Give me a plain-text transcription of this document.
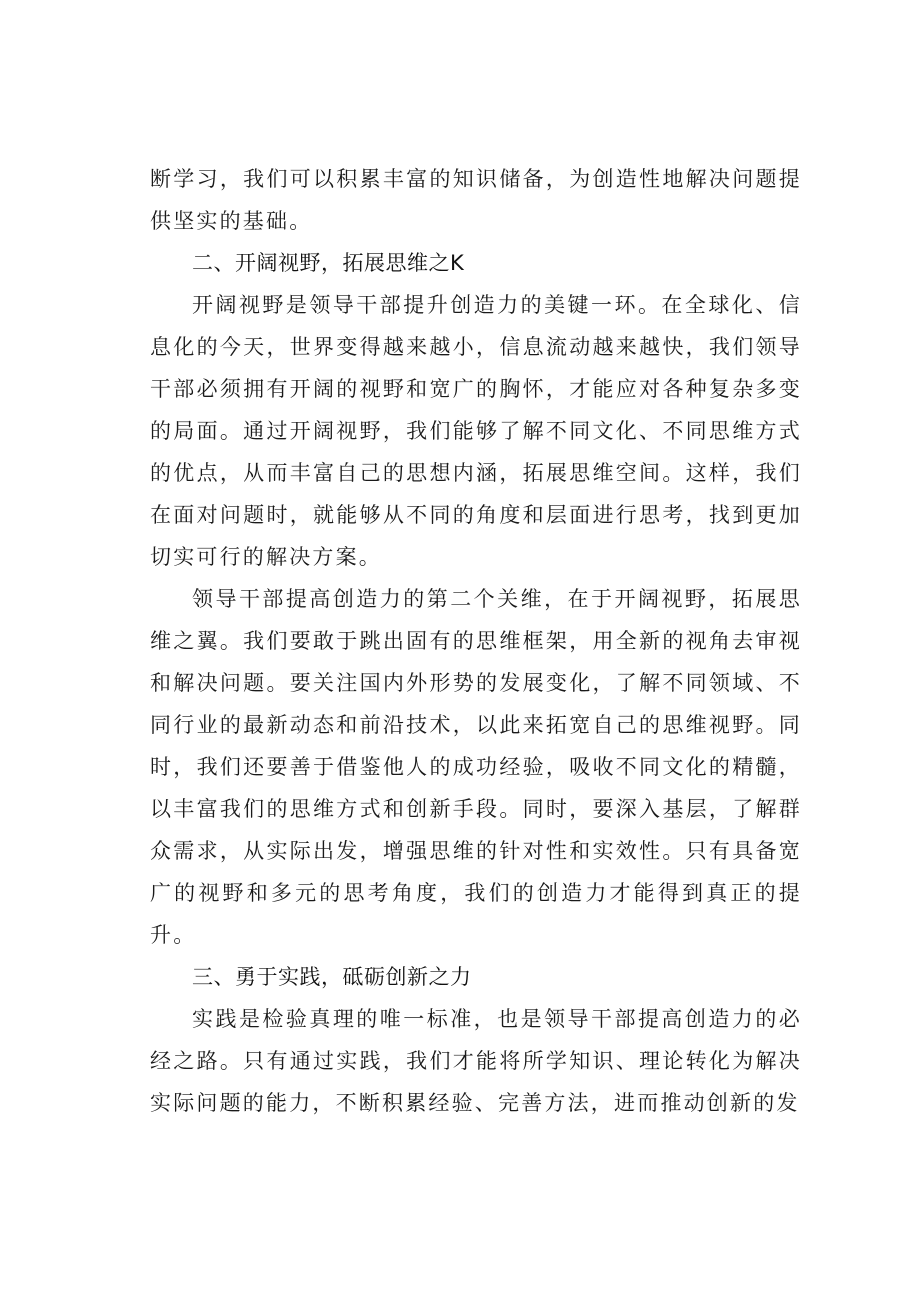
断学习，我们可以积累丰富的知识储备，为创造性地解决问题提供坚实的基础。

二、开阔视野，拓展思维之K

开阔视野是领导干部提升创造力的美键一环。在全球化、信息化的今天，世界变得越来越小，信息流动越来越快，我们领导干部必须拥有开阔的视野和宽广的胸怀，才能应对各种复杂多变的局面。通过开阔视野，我们能够了解不同文化、不同思维方式的优点，从而丰富自己的思想内涵，拓展思维空间。这样，我们在面对问题时，就能够从不同的角度和层面进行思考，找到更加切实可行的解决方案。

领导干部提高创造力的第二个关维，在于开阔视野，拓展思维之翼。我们要敢于跳出固有的思维框架，用全新的视角去审视和解决问题。要关注国内外形势的发展变化，了解不同领域、不同行业的最新动态和前沿技术，以此来拓宽自己的思维视野。同时，我们还要善于借鉴他人的成功经验，吸收不同文化的精髓，以丰富我们的思维方式和创新手段。同时，要深入基层，了解群众需求，从实际出发，增强思维的针对性和实效性。只有具备宽广的视野和多元的思考角度，我们的创造力才能得到真正的提升。

三、勇于实践，砥砺创新之力

实践是检验真理的唯一标准，也是领导干部提高创造力的必经之路。只有通过实践，我们才能将所学知识、理论转化为解决实际问题的能力，不断积累经验、完善方法，进而推动创新的发
